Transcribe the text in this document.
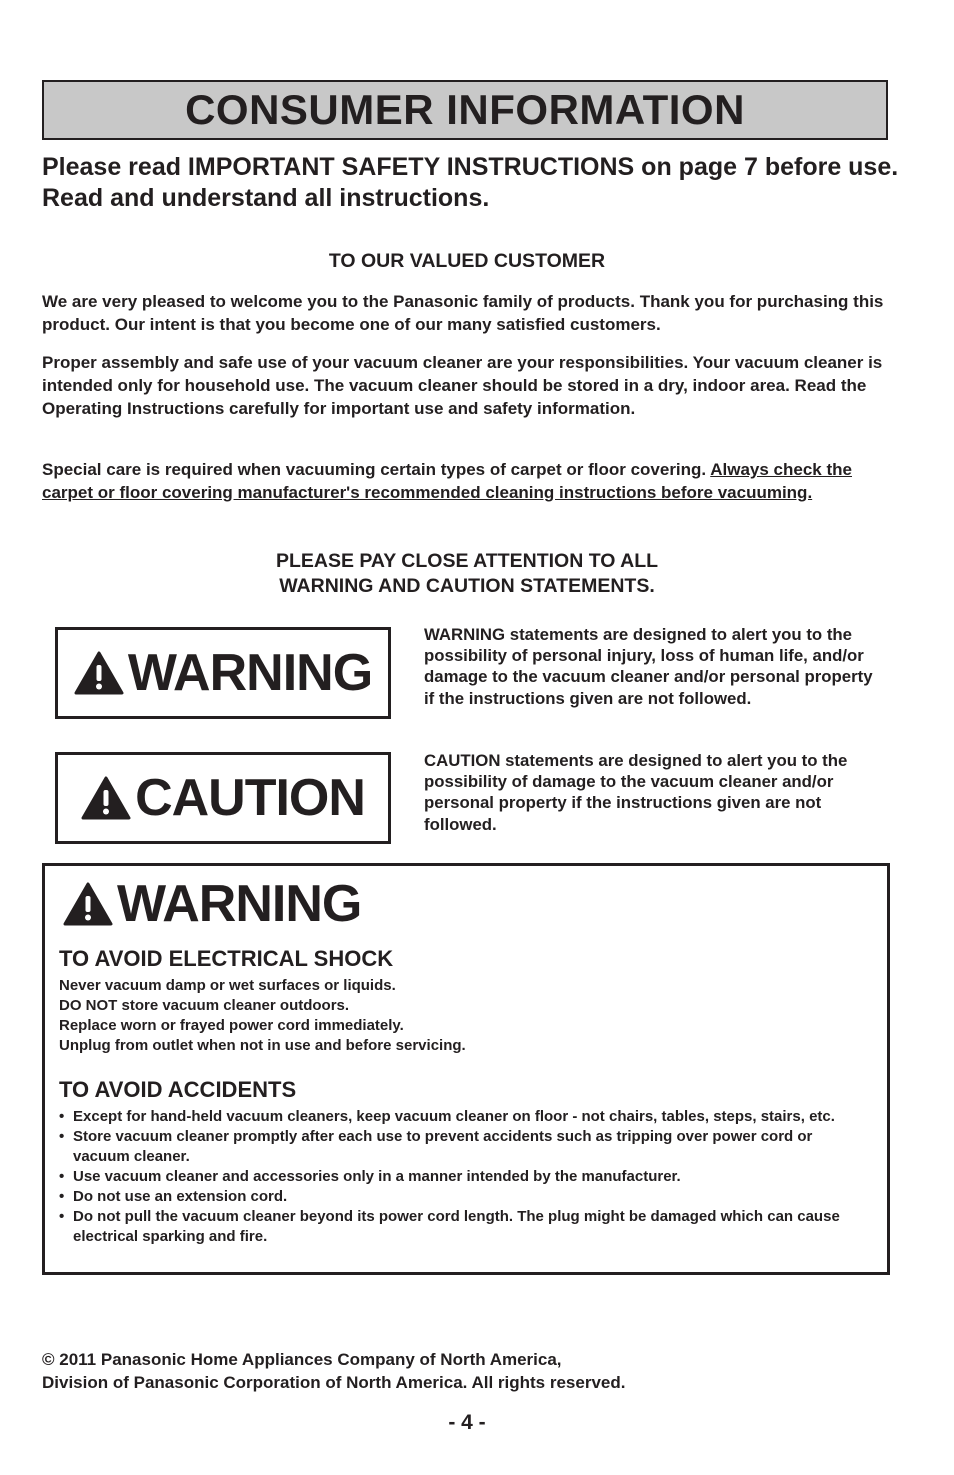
CONSUMER INFORMATION
Please read IMPORTANT SAFETY INSTRUCTIONS on page 7 before use. Read and understand all instructions.
TO OUR VALUED CUSTOMER
We are very pleased to welcome you to the Panasonic family of products. Thank you for purchasing this product. Our intent is that you become one of our many satisfied customers.
Proper assembly and safe use of your vacuum cleaner are your responsibilities. Your vacuum cleaner is intended only for household use. The vacuum cleaner should be stored in a dry, indoor area. Read the Operating Instructions carefully for important use and safety information.
Special care is required when vacuuming certain types of carpet or floor covering. Always check the carpet or floor covering manufacturer's recommended cleaning instructions before vacuuming.
PLEASE PAY CLOSE ATTENTION TO ALL
WARNING AND CAUTION STATEMENTS.
WARNING
WARNING statements are designed to alert you to the possibility of personal injury, loss of human life, and/or damage to the vacuum cleaner and/or personal property if the instructions given are not followed.
CAUTION
CAUTION statements are designed to alert you to the possibility of damage to the vacuum cleaner and/or personal property if the instructions given are not followed.
WARNING
TO AVOID ELECTRICAL SHOCK
Never vacuum damp or wet surfaces or liquids.
DO NOT store vacuum cleaner outdoors.
Replace worn or frayed power cord immediately.
Unplug from outlet when not in use and before servicing.
TO AVOID ACCIDENTS
• Except for hand-held vacuum cleaners, keep vacuum cleaner on floor - not chairs, tables, steps, stairs, etc.
• Store vacuum cleaner promptly after each use to prevent accidents such as tripping over power cord or vacuum cleaner.
• Use vacuum cleaner and accessories only in a manner intended by the manufacturer.
• Do not use an extension cord.
• Do not pull the vacuum cleaner beyond its power cord length. The plug might be damaged which can cause electrical sparking and fire.
© 2011 Panasonic Home Appliances Company of North America,
Division of Panasonic Corporation of North America. All rights reserved.
- 4 -
